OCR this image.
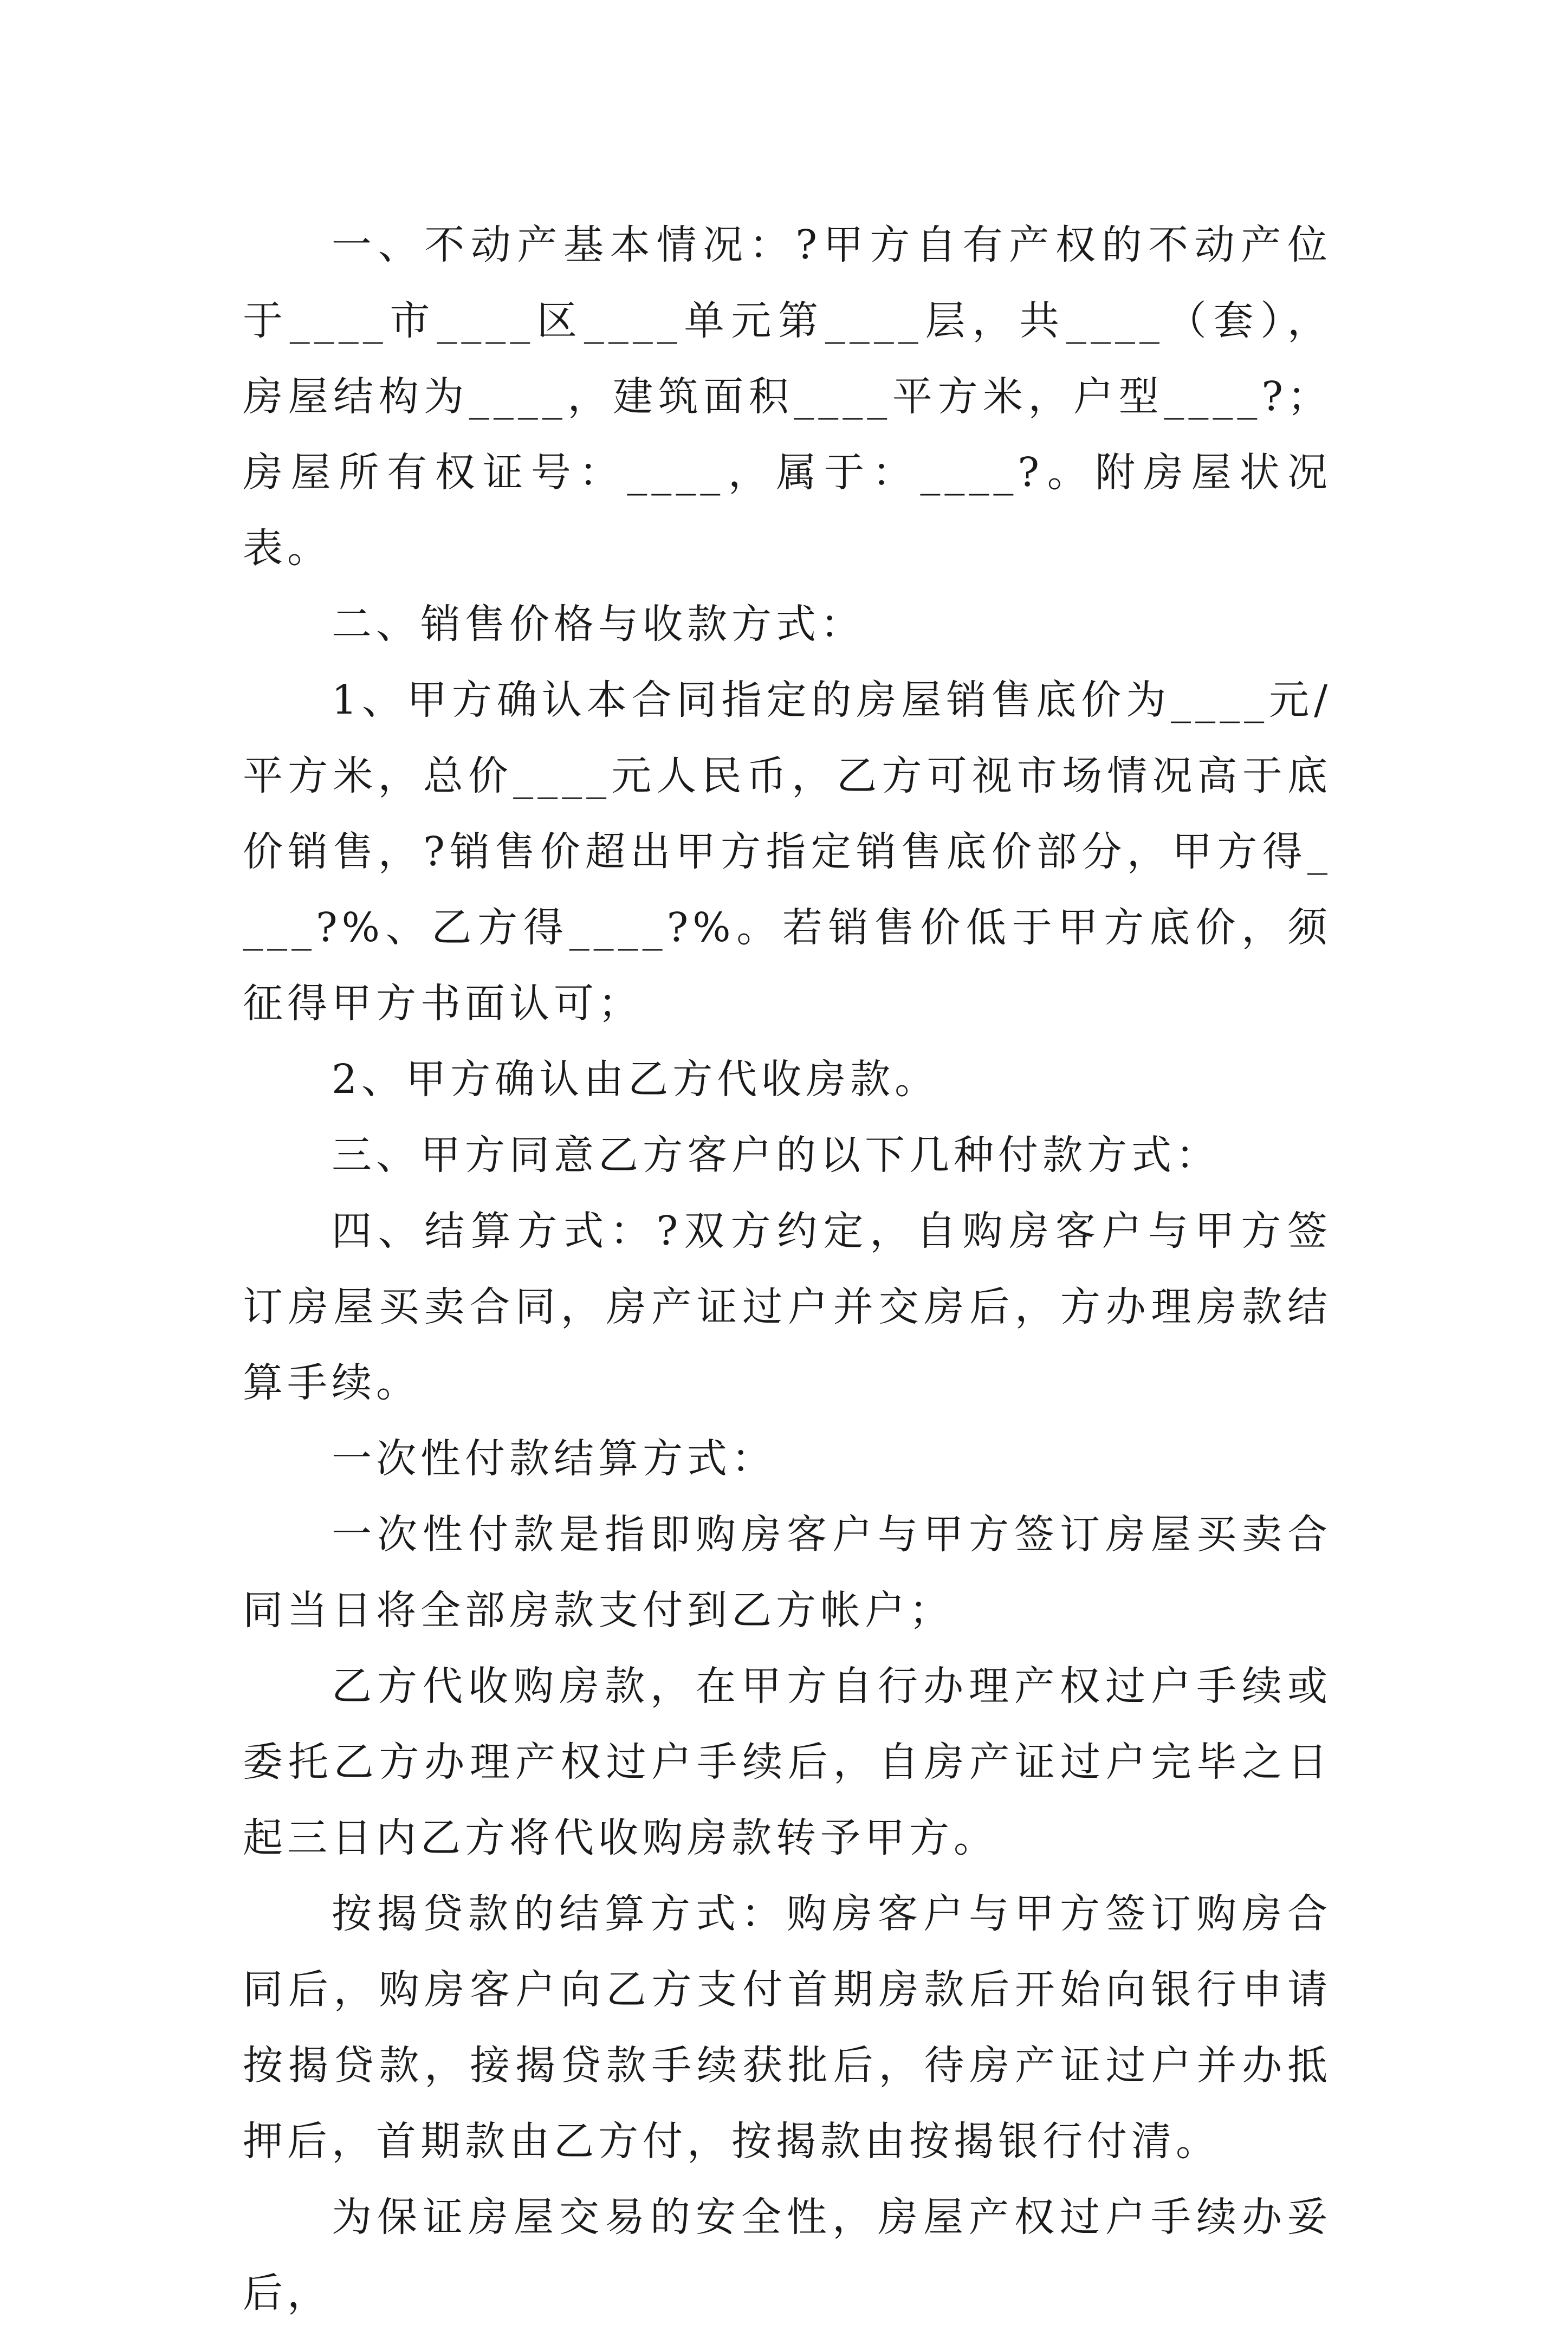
一、不动产基本情况：?甲方自有产权的不动产位于____市____区____单元第____层，共____（套），房屋结构为____，建筑面积____平方米，户型____?；房屋所有权证号：____，属于：____?。附房屋状况表。

二、销售价格与收款方式：

1、甲方确认本合同指定的房屋销售底价为____元/平方米，总价____元人民币，乙方可视市场情况高于底价销售，?销售价超出甲方指定销售底价部分，甲方得____?%、乙方得____?%。若销售价低于甲方底价，须征得甲方书面认可；

2、甲方确认由乙方代收房款。

三、甲方同意乙方客户的以下几种付款方式：

四、结算方式：?双方约定，自购房客户与甲方签订房屋买卖合同，房产证过户并交房后，方办理房款结算手续。

一次性付款结算方式：

一次性付款是指即购房客户与甲方签订房屋买卖合同当日将全部房款支付到乙方帐户；

乙方代收购房款，在甲方自行办理产权过户手续或委托乙方办理产权过户手续后，自房产证过户完毕之日起三日内乙方将代收购房款转予甲方。

按揭贷款的结算方式：购房客户与甲方签订购房合同后，购房客户向乙方支付首期房款后开始向银行申请按揭贷款，接揭贷款手续获批后，待房产证过户并办抵押后，首期款由乙方付，按揭款由按揭银行付清。

为保证房屋交易的安全性，房屋产权过户手续办妥后，
